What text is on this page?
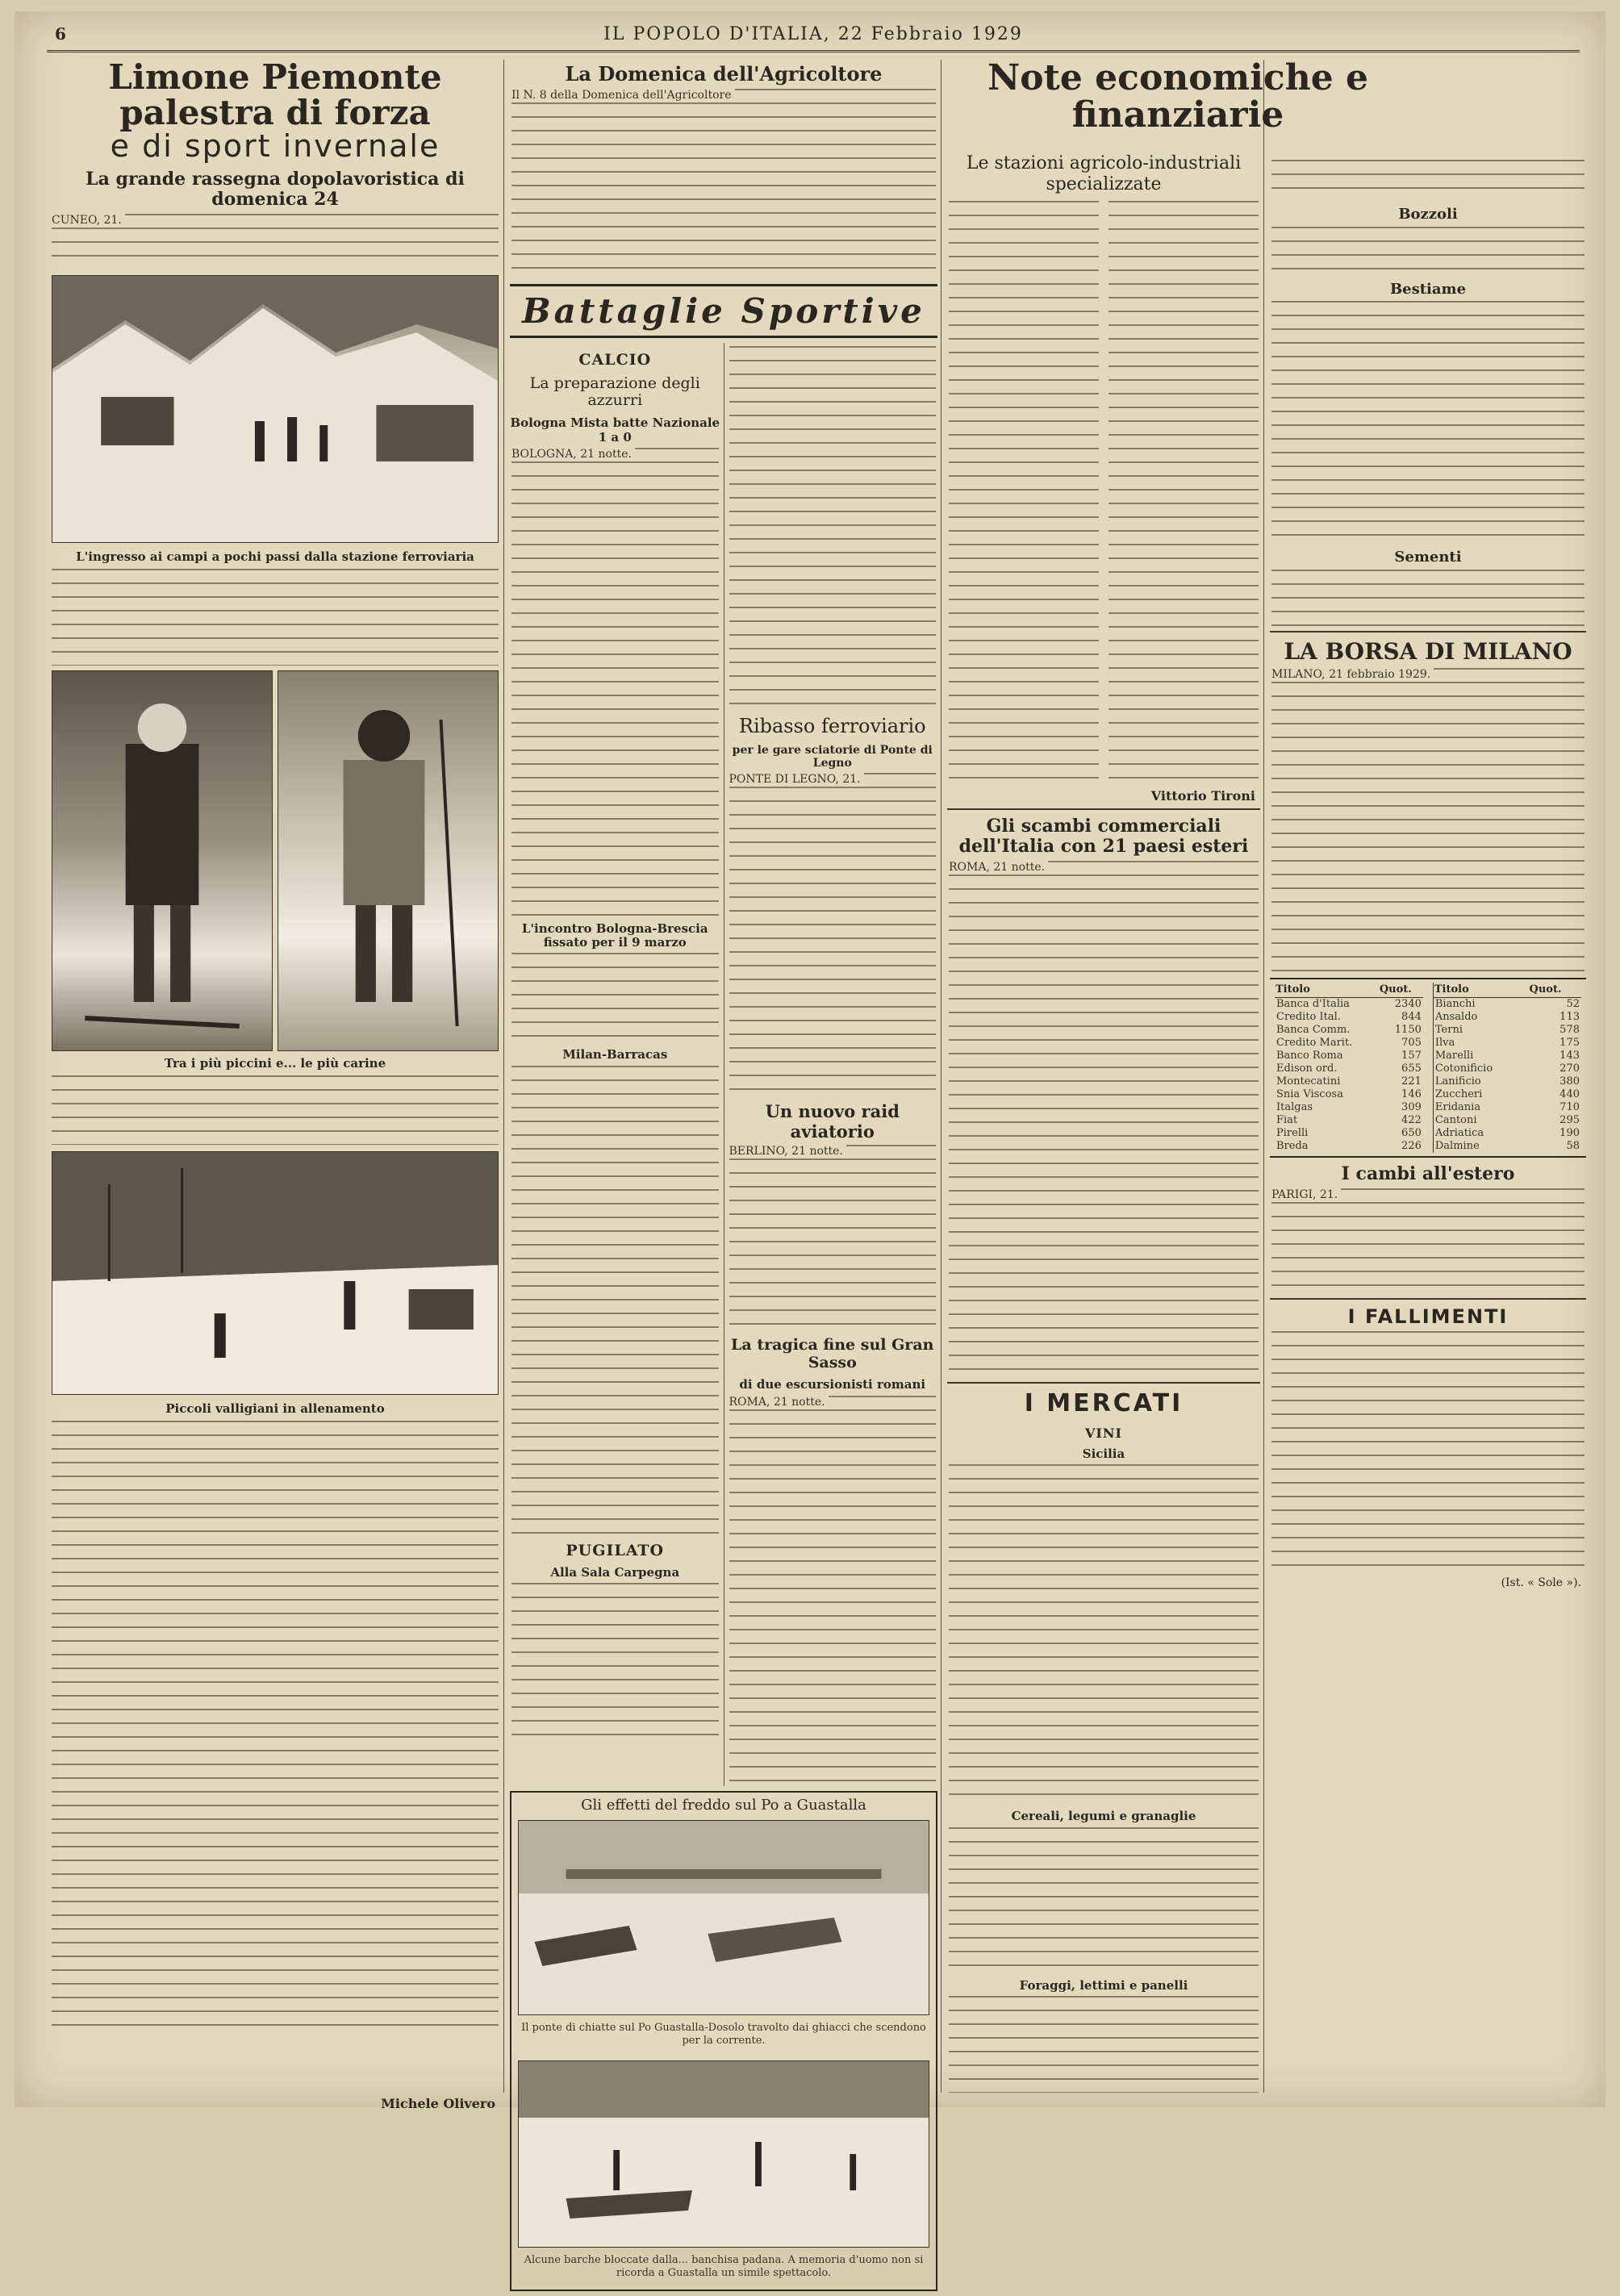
6	IL POPOLO D'ITALIA, 22 Febbraio 1929
Limone Piemonte palestra di forza
e di sport invernale
La grande rassegna dopolavoristica di domenica 24
CUNEO, 21.
L'ingresso ai campi a pochi passi dalla stazione ferroviaria
Tra i più piccini e... le più carine
Piccoli valligiani in allenamento
Michele Olivero
La Domenica dell'Agricoltore
Il N. 8 della Domenica dell'Agricoltore
Battaglie Sportive
CALCIO
La preparazione degli azzurri
Bologna Mista batte Nazionale 1 a 0
BOLOGNA, 21 notte.
L'incontro Bologna-Brescia fissato per il 9 marzo
Milan-Barracas
PUGILATO
Alla Sala Carpegna
Ribasso ferroviario
per le gare sciatorie di Ponte di Legno
PONTE DI LEGNO, 21.
Un nuovo raid aviatorio
BERLINO, 21 notte.
La tragica fine sul Gran Sasso
di due escursionisti romani
ROMA, 21 notte.
Gli effetti del freddo sul Po a Guastalla
Il ponte di chiatte sul Po Guastalla-Dosolo travolto dai ghiacci che scendono per la corrente.
Alcune barche bloccate dalla... banchisa padana. A memoria d'uomo non si ricorda a Guastalla un simile spettacolo.
Note economiche e finanziarie
Le stazioni agricolo-industriali specializzate
Vittorio Tironi
Gli scambi commerciali dell'Italia con 21 paesi esteri
ROMA, 21 notte.
I MERCATI
VINI
Sicilia
Cereali, legumi e granaglie
Foraggi, lettimi e panelli
Bozzoli
Bestiame
Sementi
LA BORSA DI MILANO
MILANO, 21 febbraio 1929.
Titolo	Quot.
Banca d'Italia	2340
Credito Ital.	844
Banca Comm.	1150
Credito Marit.	705
Banco Roma	157
Edison ord.	655
Montecatini	221
Snia Viscosa	146
Italgas	309
Fiat	422
Pirelli	650
Breda	226
Titolo	Quot.
Bianchi	52
Ansaldo	113
Terni	578
Ilva	175
Marelli	143
Cotonificio	270
Lanificio	380
Zuccheri	440
Eridania	710
Cantoni	295
Adriatica	190
Dalmine	58
I cambi all'estero
PARIGI, 21.
I FALLIMENTI
(Ist. « Sole »).
